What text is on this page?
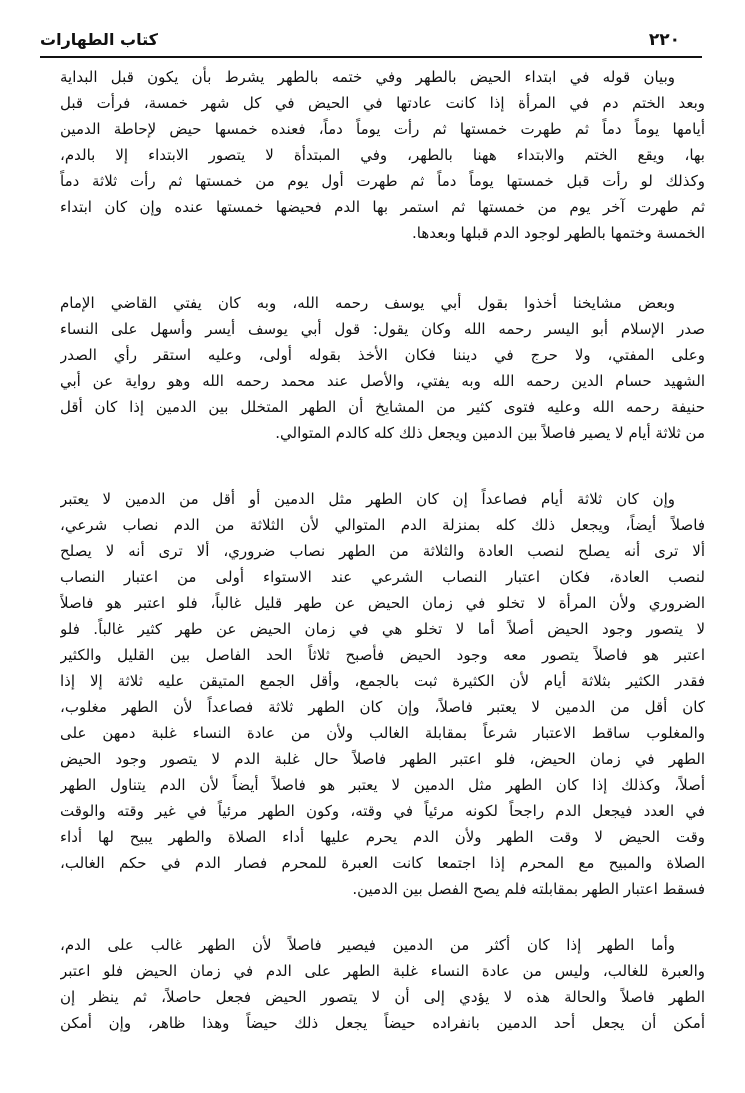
٢٢٠
كتاب الطهارات
وبيان قوله في ابتداء الحيض بالطهر وفي ختمه بالطهر يشرط بأن يكون قبل البداية
وبعد الختم دم في المرأة إذا كانت عادتها في الحيض في كل شهر خمسة، فرأت قبل
أيامها يوماً دماً ثم طهرت خمستها ثم رأت يوماً دماً، فعنده خمسها حيض لإحاطة الدمين
بها، ويقع الختم والابتداء ههنا بالطهر، وفي المبتدأة لا يتصور الابتداء إلا بالدم،
وكذلك لو رأت قبل خمستها يوماً دماً ثم طهرت أول يوم من خمستها ثم رأت ثلاثة دماً
ثم طهرت آخر يوم من خمستها ثم استمر بها الدم فحيضها خمستها عنده وإن كان ابتداء
الخمسة وختمها بالطهر لوجود الدم قبلها وبعدها.
وبعض مشايخنا أخذوا بقول أبي يوسف رحمه الله، وبه كان يفتي القاضي الإمام
صدر الإسلام أبو اليسر رحمه الله وكان يقول: قول أبي يوسف أيسر وأسهل على النساء
وعلى المفتي، ولا حرج في ديننا فكان الأخذ بقوله أولى، وعليه استقر رأي الصدر
الشهيد حسام الدين رحمه الله وبه يفتي، والأصل عند محمد رحمه الله وهو رواية عن أبي
حنيفة رحمه الله وعليه فتوى كثير من المشايخ أن الطهر المتخلل بين الدمين إذا كان أقل
من ثلاثة أيام لا يصير فاصلاً بين الدمين ويجعل ذلك كله كالدم المتوالي.
وإن كان ثلاثة أيام فصاعداً إن كان الطهر مثل الدمين أو أقل من الدمين لا يعتبر
فاصلاً أيضاً، ويجعل ذلك كله بمنزلة الدم المتوالي لأن الثلاثة من الدم نصاب شرعي،
ألا ترى أنه يصلح لنصب العادة والثلاثة من الطهر نصاب ضروري، ألا ترى أنه لا يصلح
لنصب العادة، فكان اعتبار النصاب الشرعي عند الاستواء أولى من اعتبار النصاب
الضروري ولأن المرأة لا تخلو في زمان الحيض عن طهر قليل غالباً، فلو اعتبر هو فاصلاً
لا يتصور وجود الحيض أصلاً أما لا تخلو هي في زمان الحيض عن طهر كثير غالباً. فلو
اعتبر هو فاصلاً يتصور معه وجود الحيض فأصبح ثلاثاً الحد الفاصل بين القليل والكثير
فقدر الكثير بثلاثة أيام لأن الكثيرة ثبت بالجمع، وأقل الجمع المتيقن عليه ثلاثة إلا إذا
كان أقل من الدمين لا يعتبر فاصلاً، وإن كان الطهر ثلاثة فصاعداً لأن الطهر مغلوب،
والمغلوب ساقط الاعتبار شرعاً بمقابلة الغالب ولأن من عادة النساء غلبة دمهن على
الطهر في زمان الحيض، فلو اعتبر الطهر فاصلاً حال غلبة الدم لا يتصور وجود الحيض
أصلاً، وكذلك إذا كان الطهر مثل الدمين لا يعتبر هو فاصلاً أيضاً لأن الدم يتناول الطهر
في العدد فيجعل الدم راجحاً لكونه مرئياً في وقته، وكون الطهر مرئياً في غير وقته والوقت
وقت الحيض لا وقت الطهر ولأن الدم يحرم عليها أداء الصلاة والطهر يبيح لها أداء
الصلاة والمبيح مع المحرم إذا اجتمعا كانت العبرة للمحرم فصار الدم في حكم الغالب،
فسقط اعتبار الطهر بمقابلته فلم يصح الفصل بين الدمين.
وأما الطهر إذا كان أكثر من الدمين فيصير فاصلاً لأن الطهر غالب على الدم،
والعبرة للغالب، وليس من عادة النساء غلبة الطهر على الدم في زمان الحيض فلو اعتبر
الطهر فاصلاً والحالة هذه لا يؤدي إلى أن لا يتصور الحيض فجعل حاصلاً، ثم ينظر إن
أمكن أن يجعل أحد الدمين بانفراده حيضاً يجعل ذلك حيضاً وهذا ظاهر، وإن أمكن
